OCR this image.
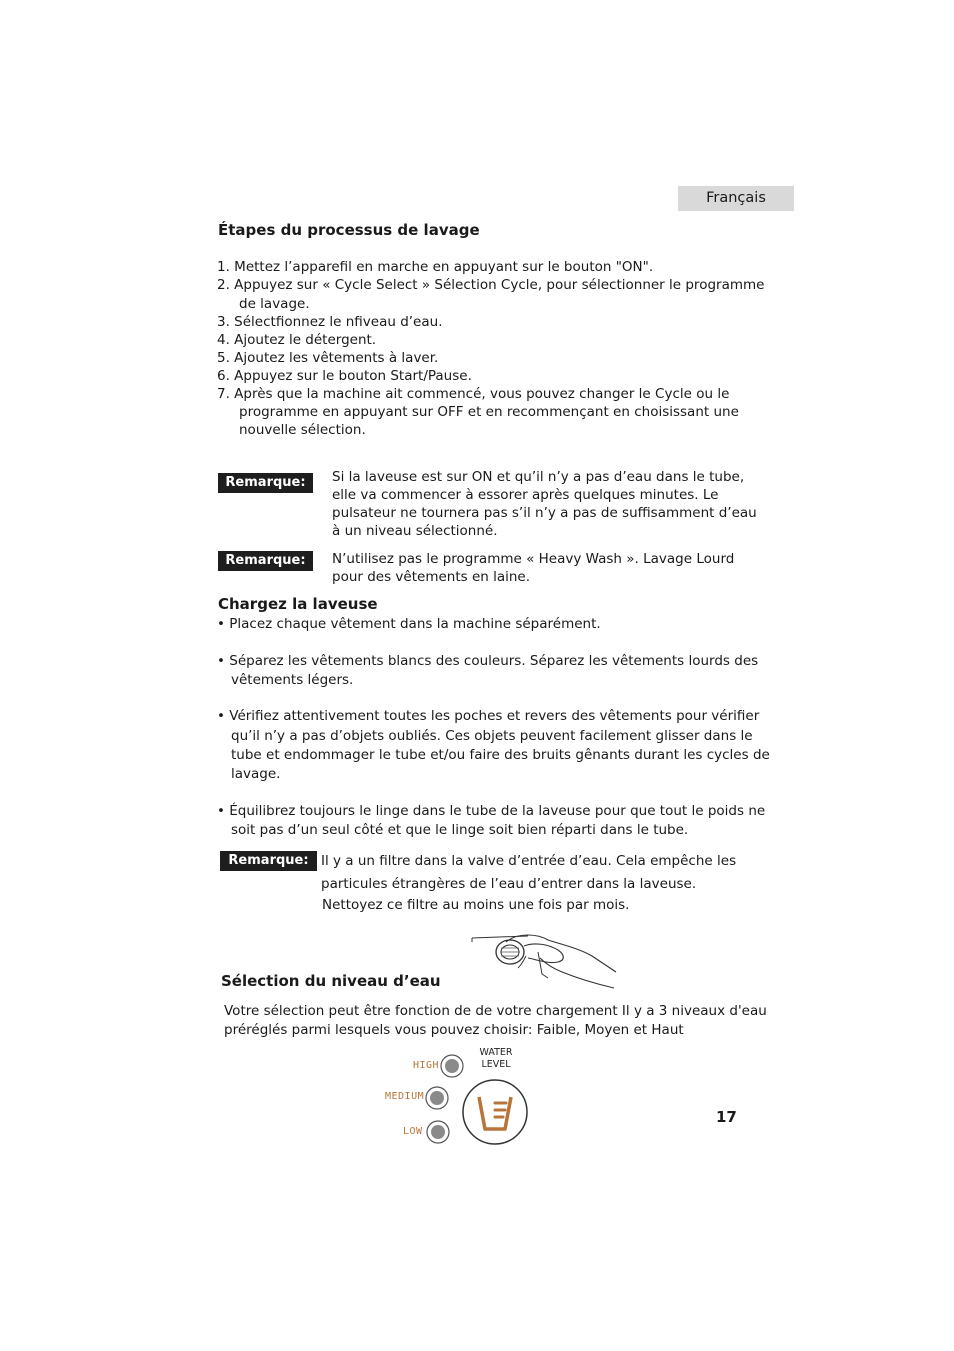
Français
Étapes du processus de lavage
1. Mettez l’apparefil en marche en appuyant sur le bouton "ON".
2. Appuyez sur « Cycle Select » Sélection Cycle, pour sélectionner le programme
de lavage.
3. Sélectfionnez le nfiveau d’eau.
4. Ajoutez le détergent.
5. Ajoutez les vêtements à laver.
6. Appuyez sur le bouton Start/Pause.
7. Après que la machine ait commencé, vous pouvez changer le Cycle ou le
programme en appuyant sur OFF et en recommençant en choisissant une
nouvelle sélection.
Remarque:	Si la laveuse est sur ON et qu’il n’y a pas d’eau dans le tube,
elle va commencer à essorer après quelques minutes. Le
pulsateur ne tournera pas s’il n’y a pas de suffisamment d’eau
à un niveau sélectionné.
Remarque:	N’utilisez pas le programme « Heavy Wash ». Lavage Lourd
pour des vêtements en laine.
Chargez la laveuse
• Placez chaque vêtement dans la machine séparément.
• Séparez les vêtements blancs des couleurs. Séparez les vêtements lourds des
vêtements légers.
• Vérifiez attentivement toutes les poches et revers des vêtements pour vérifier
qu’il n’y a pas d’objets oubliés. Ces objets peuvent facilement glisser dans le
tube et endommager le tube et/ou faire des bruits gênants durant les cycles de
lavage.
• Équilibrez toujours le linge dans le tube de la laveuse pour que tout le poids ne
soit pas d’un seul côté et que le linge soit bien réparti dans le tube.
Remarque: Il y a un filtre dans la valve d’entrée d’eau. Cela empêche les
particules étrangères de l’eau d’entrer dans la laveuse.
Nettoyez ce filtre au moins une fois par mois.
Sélection du niveau d’eau
Votre sélection peut être fonction de de votre chargement Il y a 3 niveaux d'eau
préréglés parmi lesquels vous pouvez choisir: Faible, Moyen et Haut
WATER
LEVEL
HIGH
MEDIUM
LOW
17
